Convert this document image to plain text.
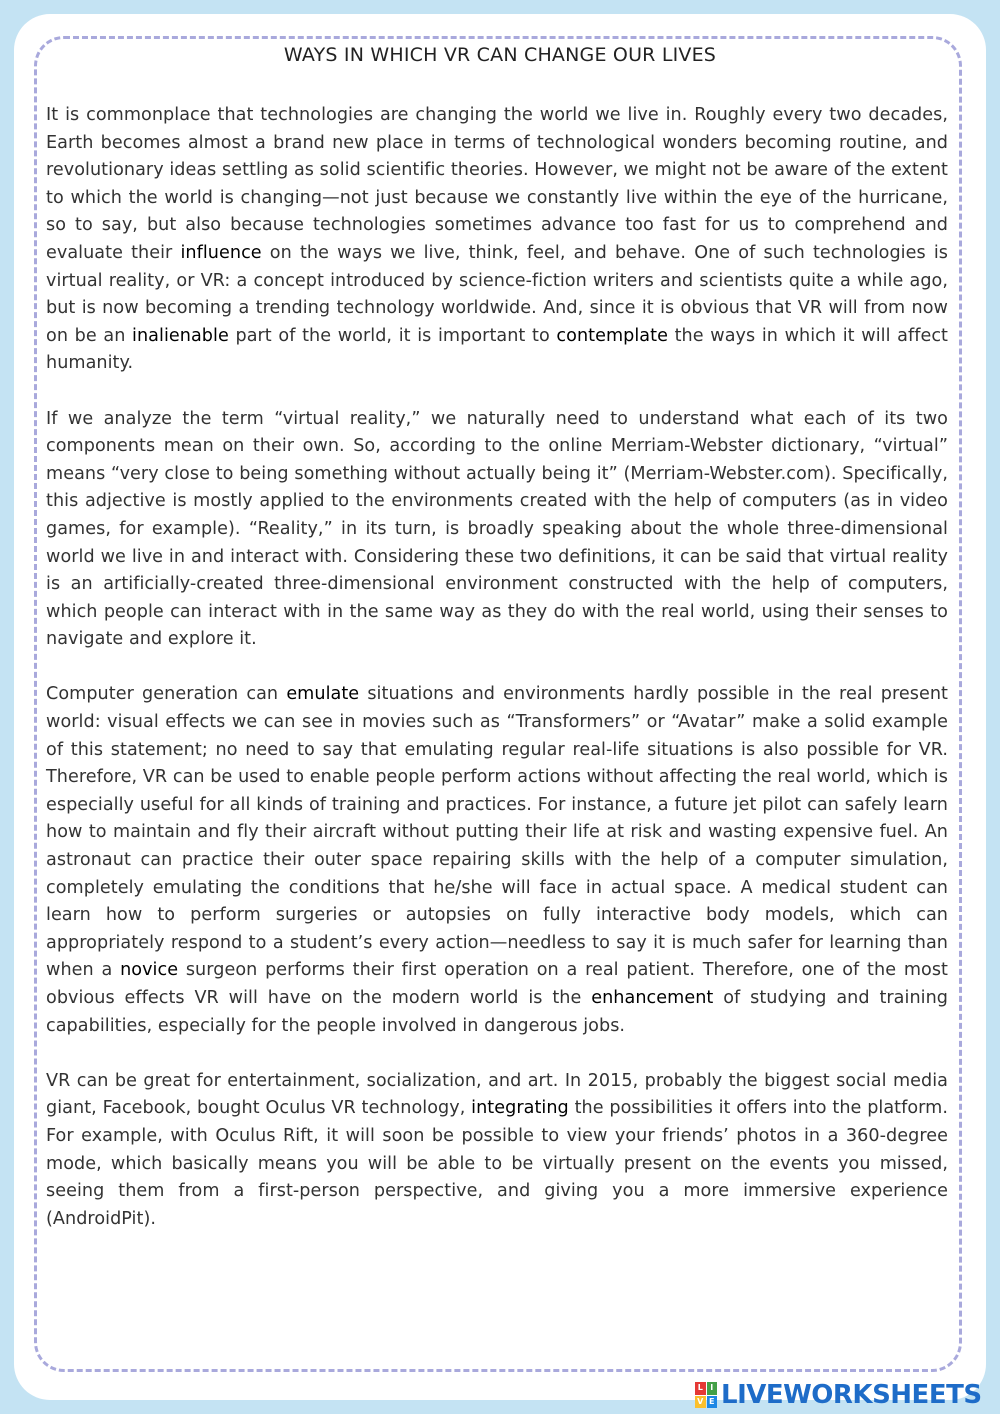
WAYS IN WHICH VR CAN CHANGE OUR LIVES

It is commonplace that technologies are changing the world we live in. Roughly every two decades, Earth becomes almost a brand new place in terms of technological wonders becoming routine, and revolutionary ideas settling as solid scientific theories. However, we might not be aware of the extent to which the world is changing—not just because we constantly live within the eye of the hurricane, so to say, but also because technologies sometimes advance too fast for us to comprehend and evaluate their influence on the ways we live, think, feel, and behave. One of such technologies is virtual reality, or VR: a concept introduced by science-fiction writers and scientists quite a while ago, but is now becoming a trending technology worldwide. And, since it is obvious that VR will from now on be an inalienable part of the world, it is important to contemplate the ways in which it will affect humanity.

If we analyze the term “virtual reality,” we naturally need to understand what each of its two components mean on their own. So, according to the online Merriam-Webster dictionary, “virtual” means “very close to being something without actually being it” (Merriam-Webster.com). Specifically, this adjective is mostly applied to the environments created with the help of computers (as in video games, for example). “Reality,” in its turn, is broadly speaking about the whole three-dimensional world we live in and interact with. Considering these two definitions, it can be said that virtual reality is an artificially-created three-dimensional environment constructed with the help of computers, which people can interact with in the same way as they do with the real world, using their senses to navigate and explore it.

Computer generation can emulate situations and environments hardly possible in the real present world: visual effects we can see in movies such as “Transformers” or “Avatar” make a solid example of this statement; no need to say that emulating regular real-life situations is also possible for VR. Therefore, VR can be used to enable people perform actions without affecting the real world, which is especially useful for all kinds of training and practices. For instance, a future jet pilot can safely learn how to maintain and fly their aircraft without putting their life at risk and wasting expensive fuel. An astronaut can practice their outer space repairing skills with the help of a computer simulation, completely emulating the conditions that he/she will face in actual space. A medical student can learn how to perform surgeries or autopsies on fully interactive body models, which can appropriately respond to a student’s every action—needless to say it is much safer for learning than when a novice surgeon performs their first operation on a real patient. Therefore, one of the most obvious effects VR will have on the modern world is the enhancement of studying and training capabilities, especially for the people involved in dangerous jobs.

VR can be great for entertainment, socialization, and art. In 2015, probably the biggest social media giant, Facebook, bought Oculus VR technology, integrating the possibilities it offers into the platform. For example, with Oculus Rift, it will soon be possible to view your friends’ photos in a 360-degree mode, which basically means you will be able to be virtually present on the events you missed, seeing them from a first-person perspective, and giving you a more immersive experience (AndroidPit).

L I
V E LIVEWORKSHEETS
